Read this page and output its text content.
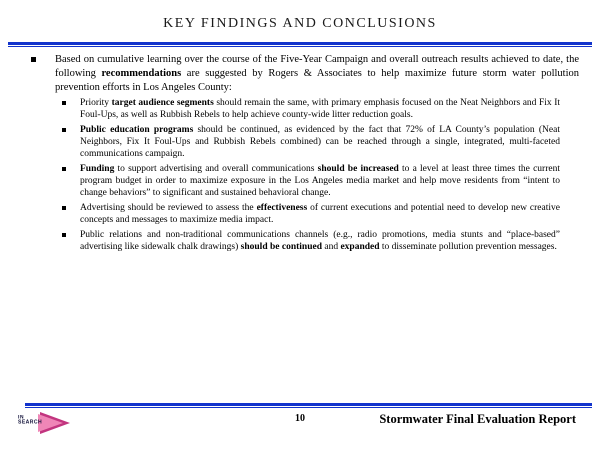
KEY FINDINGS AND CONCLUSIONS
Based on cumulative learning over the course of the Five-Year Campaign and overall outreach results achieved to date, the following recommendations are suggested by Rogers & Associates to help maximize future storm water pollution prevention efforts in Los Angeles County:
Priority target audience segments should remain the same, with primary emphasis focused on the Neat Neighbors and Fix It Foul-Ups, as well as Rubbish Rebels to help achieve county-wide litter reduction goals.
Public education programs should be continued, as evidenced by the fact that 72% of LA County’s population (Neat Neighbors, Fix It Foul-Ups and Rubbish Rebels combined) can be reached through a single, integrated, multi-faceted communications campaign.
Funding to support advertising and overall communications should be increased to a level at least three times the current program budget in order to maximize exposure in the Los Angeles media market and help move residents from “intent to change behaviors” to significant and sustained behavioral change.
Advertising should be reviewed to assess the effectiveness of current executions and potential need to develop new creative concepts and messages to maximize media impact.
Public relations and non-traditional communications channels (e.g., radio promotions, media stunts and “place-based” advertising like sidewalk chalk drawings) should be continued and expanded to disseminate pollution prevention messages.
IN
SEARCH	10	Stormwater Final Evaluation Report
